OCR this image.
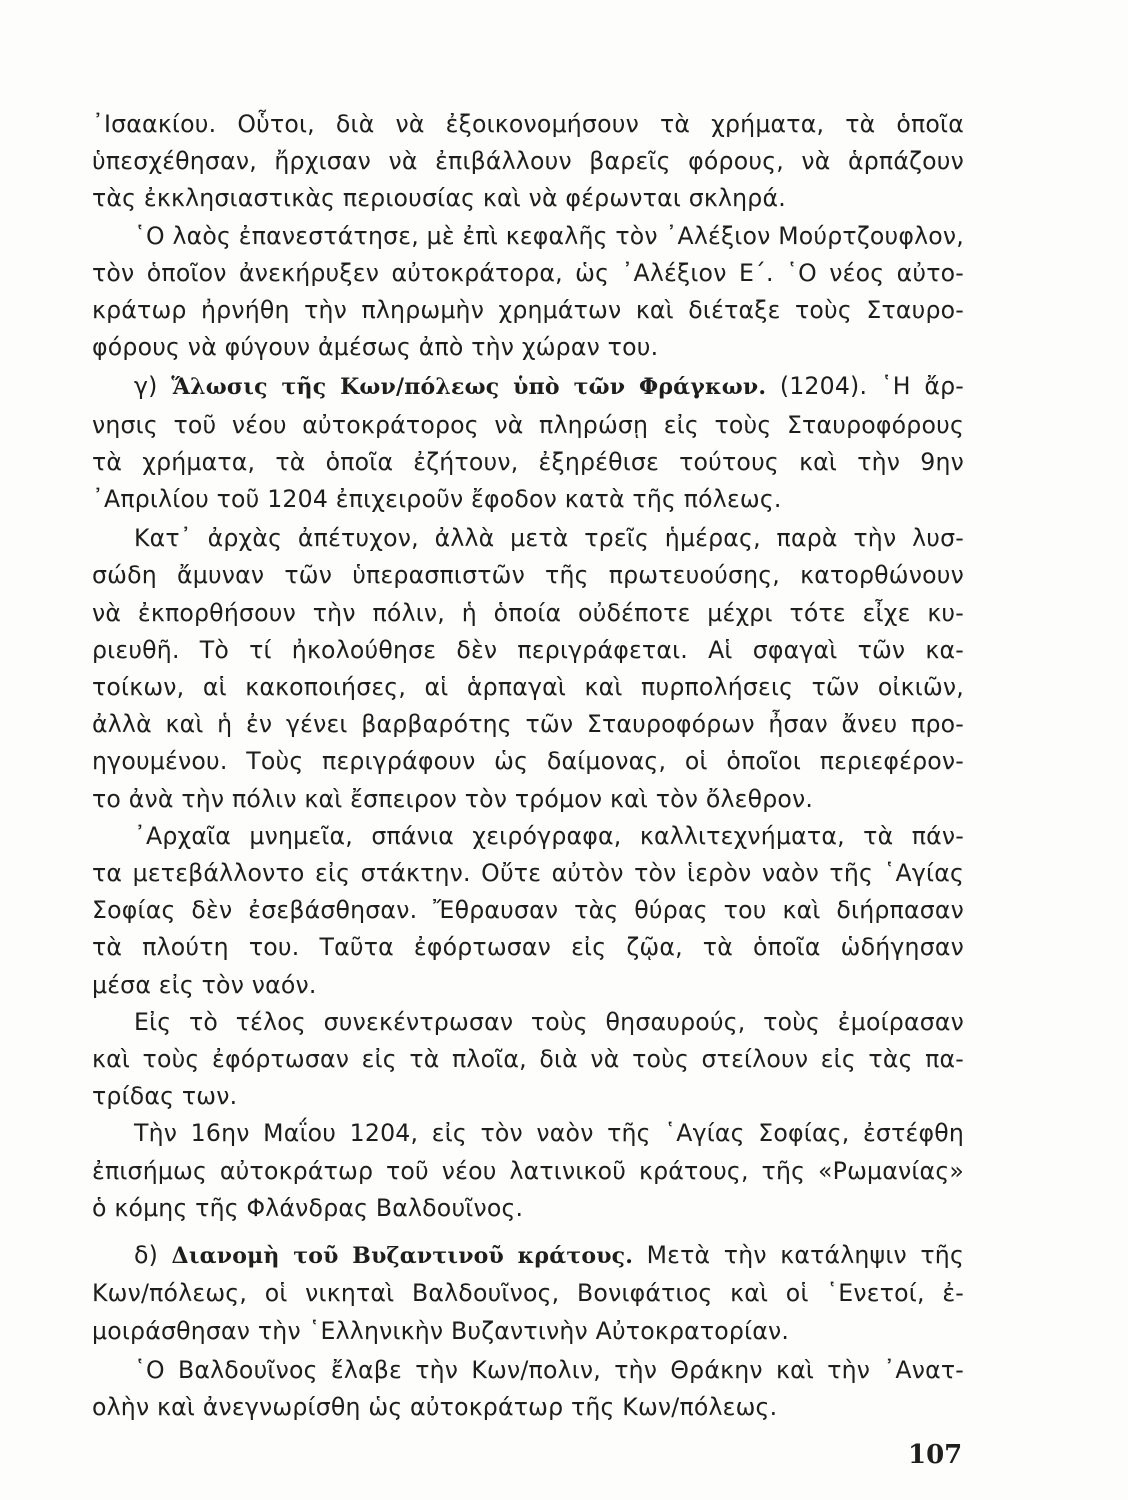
᾿Ισαακίου. Οὗτοι, διὰ νὰ ἐξοικονομήσουν τὰ χρήματα, τὰ ὁποῖα
ὑπεσχέθησαν, ἤρχισαν νὰ ἐπιβάλλουν βαρεῖς φόρους, νὰ ἁρπάζουν
τὰς ἐκκλησιαστικὰς περιουσίας καὶ νὰ φέρωνται σκληρά.
῾Ο λαὸς ἐπανεστάτησε, μὲ ἐπὶ κεφαλῆς τὸν ᾿Αλέξιον Μούρτζουφλον,
τὸν ὁποῖον ἀνεκήρυξεν αὐτοκράτορα, ὡς ᾿Αλέξιον Ε΄. ῾Ο νέος αὐτο-
κράτωρ ἠρνήθη τὴν πληρωμὴν χρημάτων καὶ διέταξε τοὺς Σταυρο-
φόρους νὰ φύγουν ἀμέσως ἀπὸ τὴν χώραν του.
γ) Ἅλωσις τῆς Κων/πόλεως ὑπὸ τῶν Φράγκων. (1204). ῾Η ἄρ-
νησις τοῦ νέου αὐτοκράτορος νὰ πληρώσῃ εἰς τοὺς Σταυροφόρους
τὰ χρήματα, τὰ ὁποῖα ἐζήτουν, ἐξηρέθισε τούτους καὶ τὴν 9ην
᾿Απριλίου τοῦ 1204 ἐπιχειροῦν ἔφοδον κατὰ τῆς πόλεως.
Κατ᾿ ἀρχὰς ἀπέτυχον, ἀλλὰ μετὰ τρεῖς ἡμέρας, παρὰ τὴν λυσ-
σώδη ἄμυναν τῶν ὑπερασπιστῶν τῆς πρωτευούσης, κατορθώνουν
νὰ ἐκπορθήσουν τὴν πόλιν, ἡ ὁποία οὐδέποτε μέχρι τότε εἶχε κυ-
ριευθῆ. Τὸ τί ἠκολούθησε δὲν περιγράφεται. Αἱ σφαγαὶ τῶν κα-
τοίκων, αἱ κακοποιήσες, αἱ ἁρπαγαὶ καὶ πυρπολήσεις τῶν οἰκιῶν,
ἀλλὰ καὶ ἡ ἐν γένει βαρβαρότης τῶν Σταυροφόρων ἦσαν ἄνευ προ-
ηγουμένου. Τοὺς περιγράφουν ὡς δαίμονας, οἱ ὁποῖοι περιεφέρον-
το ἀνὰ τὴν πόλιν καὶ ἔσπειρον τὸν τρόμον καὶ τὸν ὄλεθρον.
᾿Αρχαῖα μνημεῖα, σπάνια χειρόγραφα, καλλιτεχνήματα, τὰ πάν-
τα μετεβάλλοντο εἰς στάκτην. Οὔτε αὐτὸν τὸν ἱερὸν ναὸν τῆς ῾Αγίας
Σοφίας δὲν ἐσεβάσθησαν. Ἔθραυσαν τὰς θύρας του καὶ διήρπασαν
τὰ πλούτη του. Ταῦτα ἐφόρτωσαν εἰς ζῷα, τὰ ὁποῖα ὡδήγησαν
μέσα εἰς τὸν ναόν.
Εἰς τὸ τέλος συνεκέντρωσαν τοὺς θησαυρούς, τοὺς ἐμοίρασαν
καὶ τοὺς ἐφόρτωσαν εἰς τὰ πλοῖα, διὰ νὰ τοὺς στείλουν εἰς τὰς πα-
τρίδας των.
Τὴν 16ην Μαΐου 1204, εἰς τὸν ναὸν τῆς ῾Αγίας Σοφίας, ἐστέφθη
ἐπισήμως αὐτοκράτωρ τοῦ νέου λατινικοῦ κράτους, τῆς «Ρωμανίας»
ὁ κόμης τῆς Φλάνδρας Βαλδουῖνος.
δ) Διανομὴ τοῦ Βυζαντινοῦ κράτους. Μετὰ τὴν κατάληψιν τῆς
Κων/πόλεως, οἱ νικηταὶ Βαλδουῖνος, Βονιφάτιος καὶ οἱ ῾Ενετοί, ἐ-
μοιράσθησαν τὴν ῾Ελληνικὴν Βυζαντινὴν Αὐτοκρατορίαν.
῾Ο Βαλδουῖνος ἔλαβε τὴν Κων/πολιν, τὴν Θράκην καὶ τὴν ᾿Ανατ-
ολὴν καὶ ἀνεγνωρίσθη ὡς αὐτοκράτωρ τῆς Κων/πόλεως.
107
